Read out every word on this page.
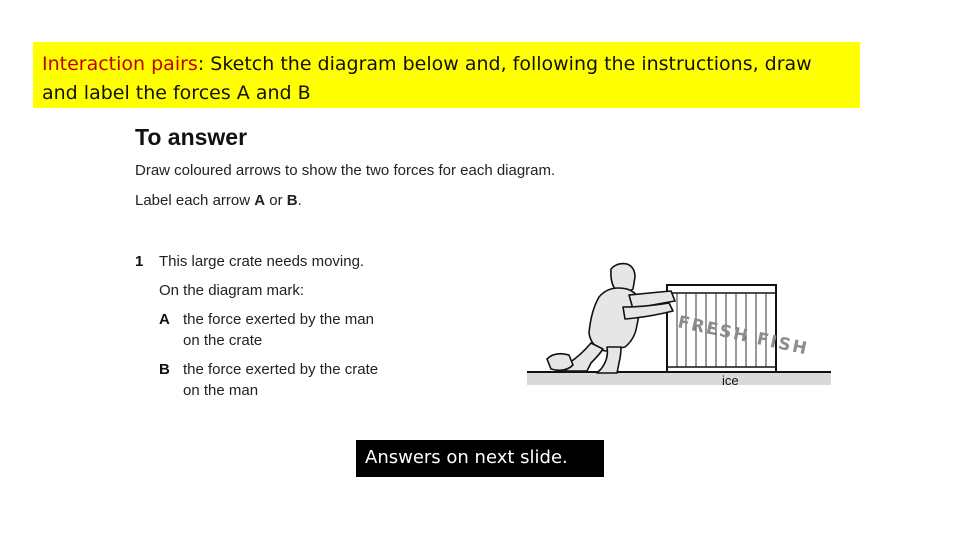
Interaction pairs: Sketch the diagram below and, following the instructions, draw
and label the forces A and B
To answer
Draw coloured arrows to show the two forces for each diagram.
Label each arrow A or B.
1 This large crate needs moving.
On the diagram mark:
A the force exerted by the man
on the crate
B the force exerted by the crate
on the man
ice
FRESH FISH
Answers on next slide.
